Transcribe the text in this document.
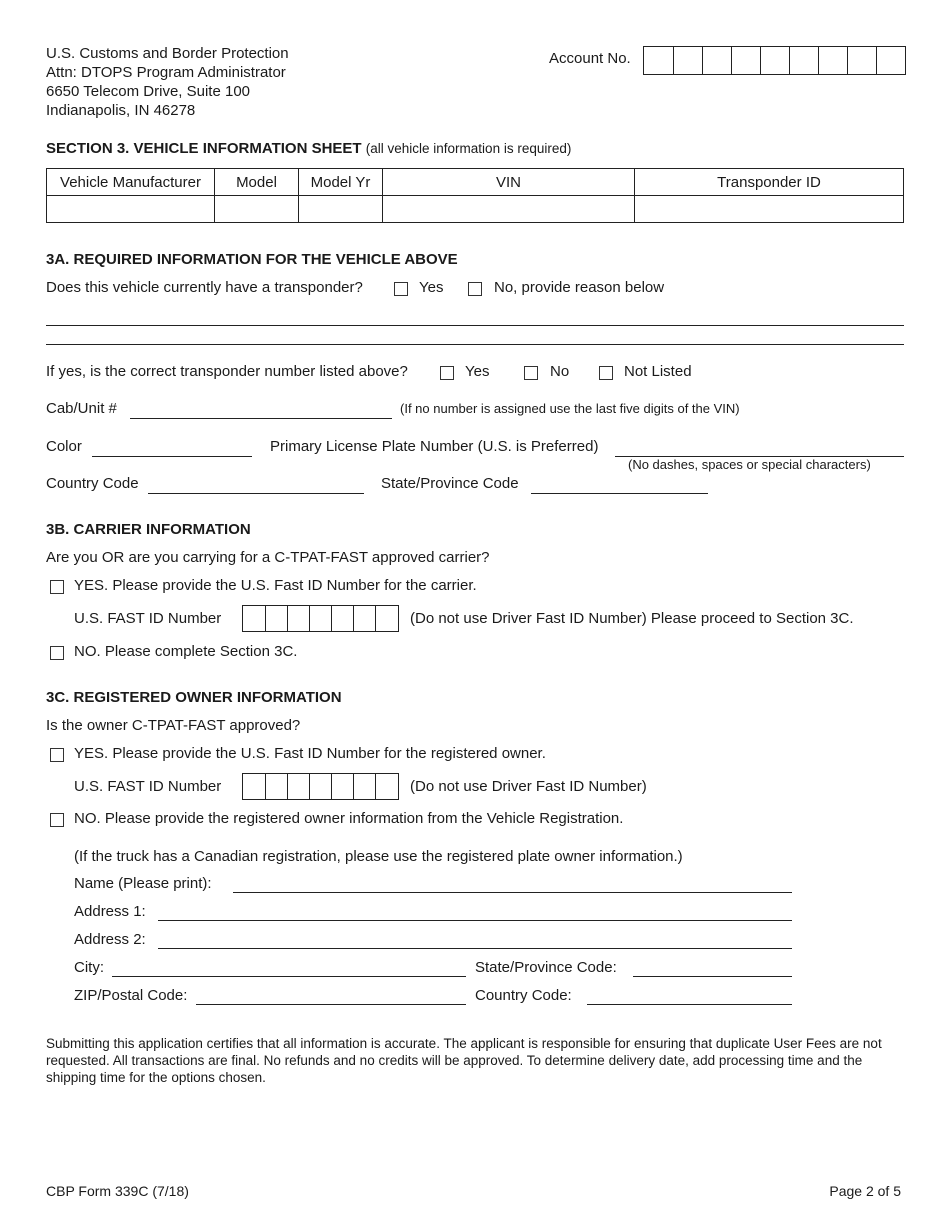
U.S. Customs and Border Protection
Attn: DTOPS Program Administrator
6650 Telecom Drive, Suite 100
Indianapolis, IN 46278
Account No.
SECTION 3. VEHICLE INFORMATION SHEET (all vehicle information is required)
Vehicle Manufacturer	Model	Model Yr	VIN	Transponder ID

3A. REQUIRED INFORMATION FOR THE VEHICLE ABOVE
Does this vehicle currently have a transponder?	Yes	No, provide reason below
If yes, is the correct transponder number listed above?	Yes	No	Not Listed
Cab/Unit #	(If no number is assigned use the last five digits of the VIN)
Color	Primary License Plate Number (U.S. is Preferred)
(No dashes, spaces or special characters)
Country Code	State/Province Code
3B. CARRIER INFORMATION
Are you OR are you carrying for a C-TPAT-FAST approved carrier?
YES. Please provide the U.S. Fast ID Number for the carrier.
U.S. FAST ID Number	(Do not use Driver Fast ID Number) Please proceed to Section 3C.
NO. Please complete Section 3C.
3C. REGISTERED OWNER INFORMATION
Is the owner C-TPAT-FAST approved?
YES. Please provide the U.S. Fast ID Number for the registered owner.
U.S. FAST ID Number	(Do not use Driver Fast ID Number)
NO. Please provide the registered owner information from the Vehicle Registration.
(If the truck has a Canadian registration, please use the registered plate owner information.)
Name (Please print):
Address 1:
Address 2:
City:	State/Province Code:
ZIP/Postal Code:	Country Code:
Submitting this application certifies that all information is accurate. The applicant is responsible for ensuring that duplicate User Fees are not requested. All transactions are final. No refunds and no credits will be approved. To determine delivery date, add processing time and the shipping time for the options chosen.
CBP Form 339C (7/18)	Page 2 of 5
